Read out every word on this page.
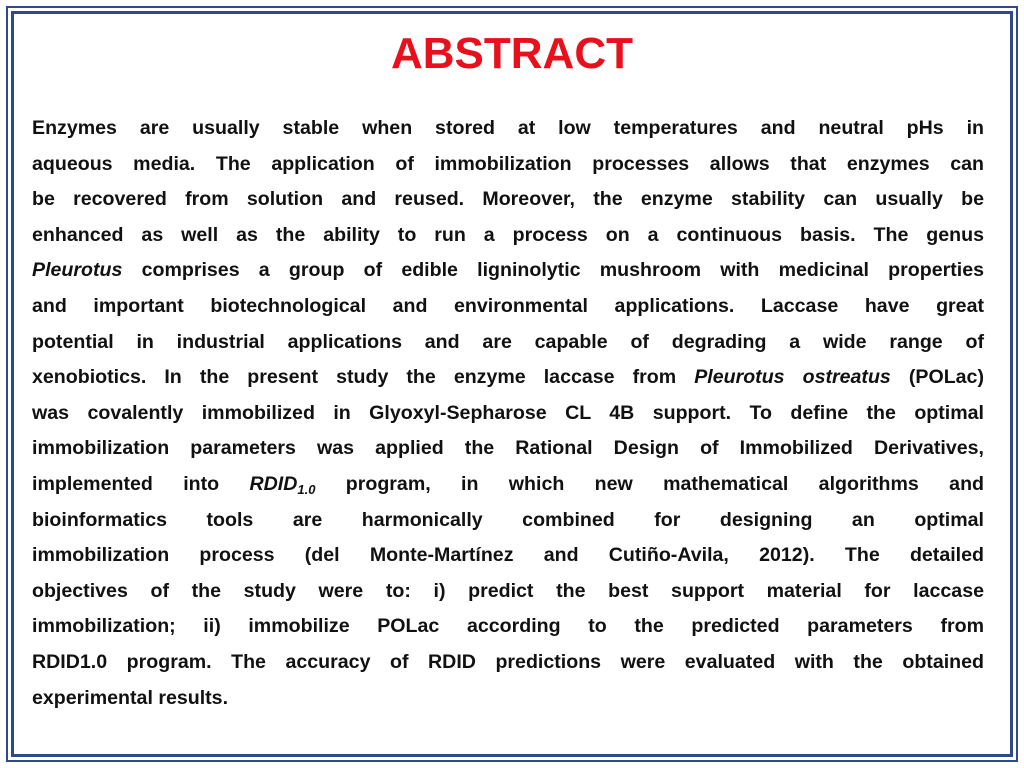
ABSTRACT
Enzymes are usually stable when stored at low temperatures and neutral pHs in
aqueous media. The application of immobilization processes allows that enzymes can
be recovered from solution and reused. Moreover, the enzyme stability can usually be
enhanced as well as the ability to run a process on a continuous basis. The genus
Pleurotus comprises a group of edible ligninolytic mushroom with medicinal properties
and important biotechnological and environmental applications. Laccase have great
potential in industrial applications and are capable of degrading a wide range of
xenobiotics. In the present study the enzyme laccase from Pleurotus ostreatus (POLac)
was covalently immobilized in Glyoxyl-Sepharose CL 4B support. To define the optimal
immobilization parameters was applied the Rational Design of Immobilized Derivatives,
implemented into $RDID_{1.0}$ program, in which new mathematical algorithms and
bioinformatics tools are harmonically combined for designing an optimal
immobilization process (del Monte-Martínez and Cutiño-Avila, 2012). The detailed
objectives of the study were to: i) predict the best support material for laccase
immobilization; ii) immobilize POLac according to the predicted parameters from
RDID1.0 program. The accuracy of RDID predictions were evaluated with the obtained
experimental results.
